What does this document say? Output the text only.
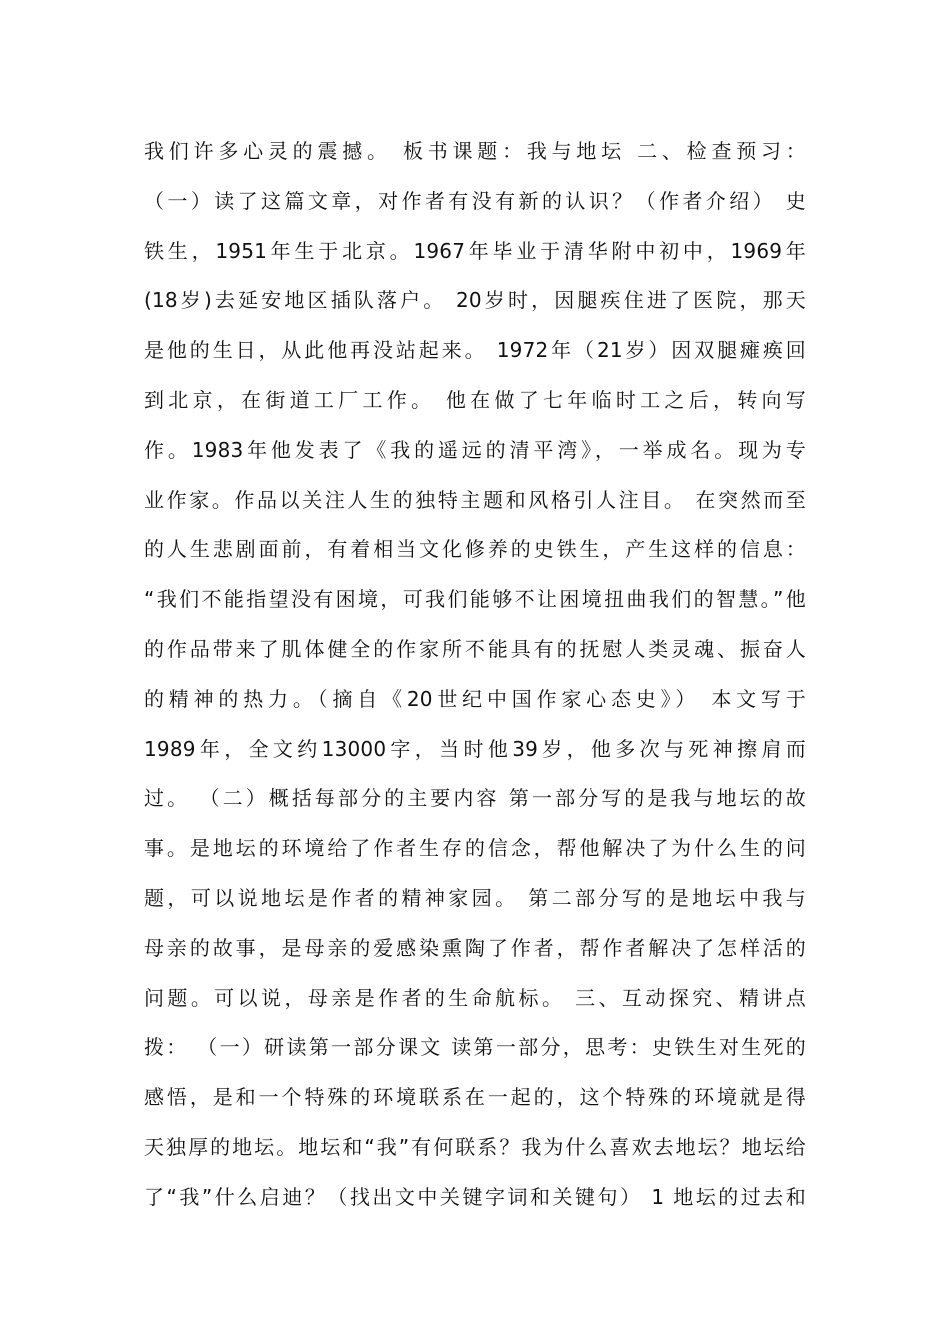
我们许多心灵的震撼。 板书课题：我与地坛 二、检查预习：
（一）读了这篇文章，对作者有没有新的认识？（作者介绍） 史
铁生，1951年生于北京。1967年毕业于清华附中初中，1969年
(18岁)去延安地区插队落户。 20岁时，因腿疾住进了医院，那天
是他的生日，从此他再没站起来。 1972年（21岁）因双腿瘫痪回
到北京，在街道工厂工作。 他在做了七年临时工之后，转向写
作。1983年他发表了《我的遥远的清平湾》，一举成名。现为专
业作家。作品以关注人生的独特主题和风格引人注目。 在突然而至
的人生悲剧面前，有着相当文化修养的史铁生，产生这样的信息：
“我们不能指望没有困境，可我们能够不让困境扭曲我们的智慧。”他
的作品带来了肌体健全的作家所不能具有的抚慰人类灵魂、振奋人
的精神的热力。（摘自《20世纪中国作家心态史》） 本文写于
1989年，全文约13000字，当时他39岁，他多次与死神擦肩而
过。 （二）概括每部分的主要内容 第一部分写的是我与地坛的故
事。是地坛的环境给了作者生存的信念，帮他解决了为什么生的问
题，可以说地坛是作者的精神家园。 第二部分写的是地坛中我与
母亲的故事，是母亲的爱感染熏陶了作者，帮作者解决了怎样活的
问题。可以说，母亲是作者的生命航标。 三、互动探究、精讲点
拨： （一）研读第一部分课文 读第一部分，思考：史铁生对生死的
感悟，是和一个特殊的环境联系在一起的，这个特殊的环境就是得
天独厚的地坛。地坛和“我”有何联系？我为什么喜欢去地坛？地坛给
了“我”什么启迪？（找出文中关键字词和关键句） 1 地坛的过去和
